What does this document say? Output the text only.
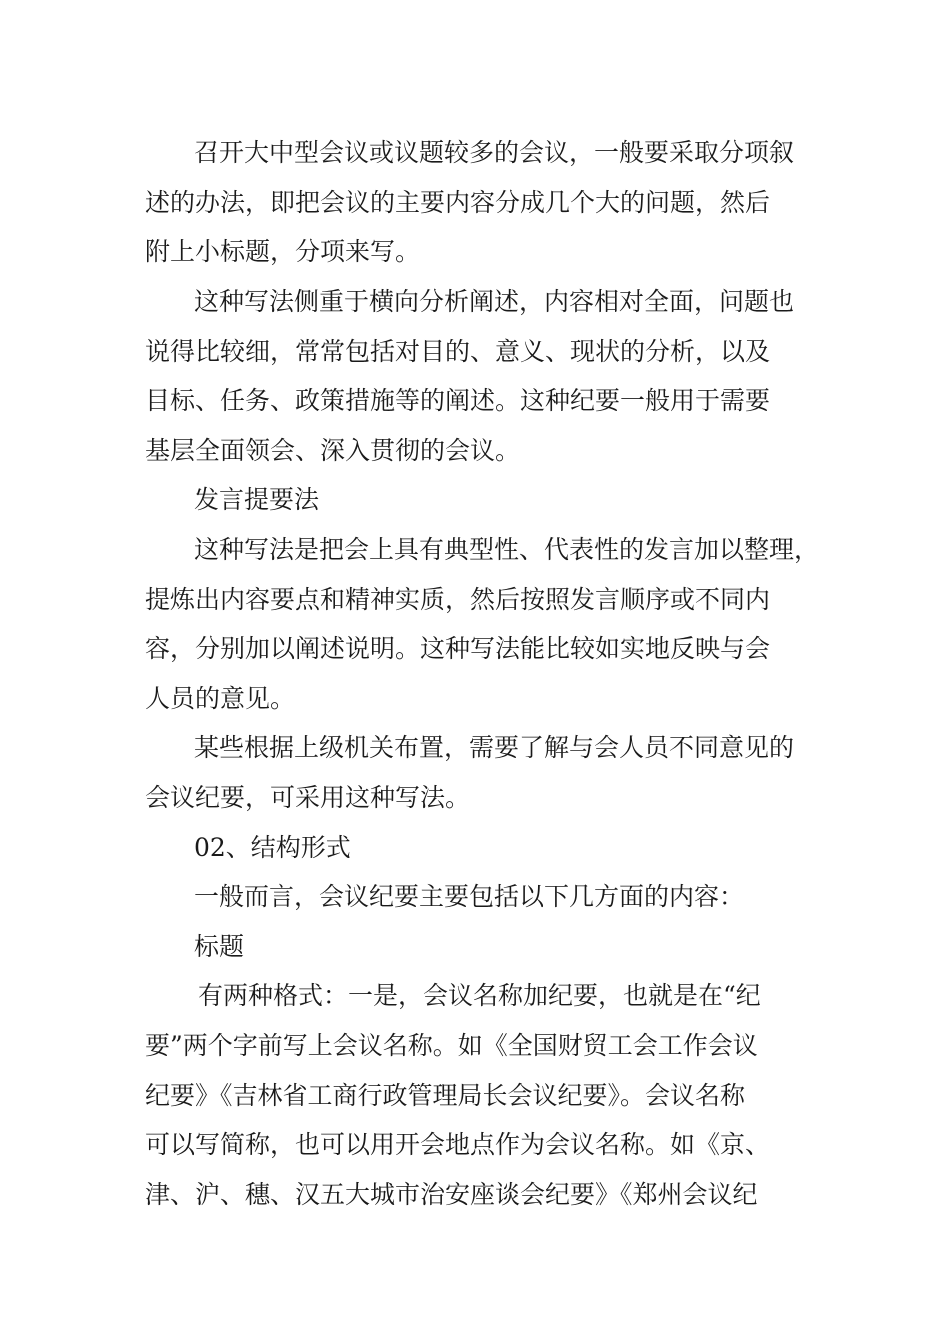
召开大中型会议或议题较多的会议，一般要采取分项叙
述的办法，即把会议的主要内容分成几个大的问题，然后
附上小标题，分项来写。
这种写法侧重于横向分析阐述，内容相对全面，问题也
说得比较细，常常包括对目的、意义、现状的分析，以及
目标、任务、政策措施等的阐述。这种纪要一般用于需要
基层全面领会、深入贯彻的会议。
发言提要法
这种写法是把会上具有典型性、代表性的发言加以整理，
提炼出内容要点和精神实质，然后按照发言顺序或不同内
容，分别加以阐述说明。这种写法能比较如实地反映与会
人员的意见。
某些根据上级机关布置，需要了解与会人员不同意见的
会议纪要，可采用这种写法。
02、结构形式
一般而言，会议纪要主要包括以下几方面的内容：
标题
有两种格式：一是，会议名称加纪要，也就是在“纪
要”两个字前写上会议名称。如《全国财贸工会工作会议
纪要》《吉林省工商行政管理局长会议纪要》。会议名称
可以写简称，也可以用开会地点作为会议名称。如《京、
津、沪、穗、汉五大城市治安座谈会纪要》《郑州会议纪
